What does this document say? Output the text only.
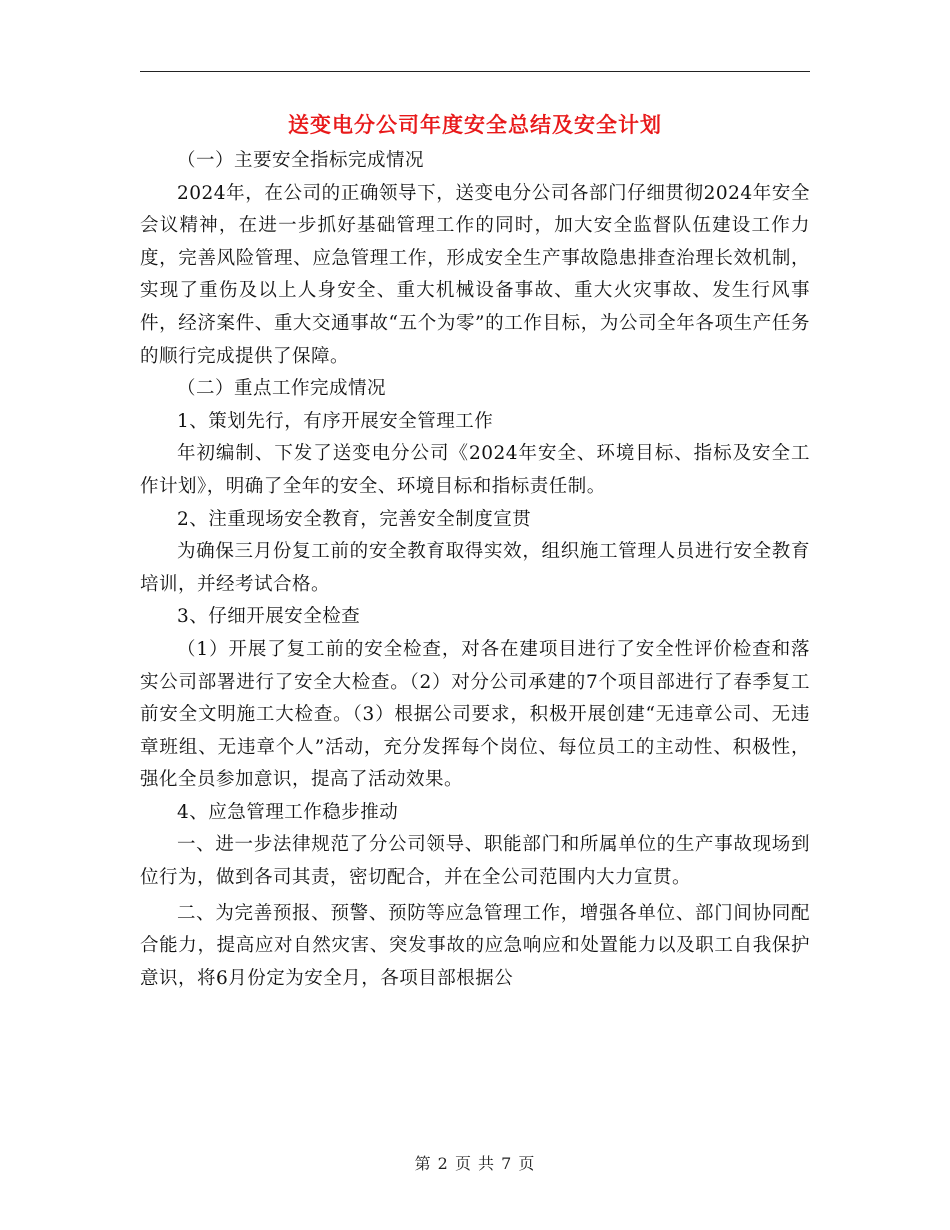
送变电分公司年度安全总结及安全计划

（一）主要安全指标完成情况

2024年，在公司的正确领导下，送变电分公司各部门仔细贯彻2024年安全会议精神，在进一步抓好基础管理工作的同时，加大安全监督队伍建设工作力度，完善风险管理、应急管理工作，形成安全生产事故隐患排查治理长效机制，实现了重伤及以上人身安全、重大机械设备事故、重大火灾事故、发生行风事件，经济案件、重大交通事故“五个为零”的工作目标，为公司全年各项生产任务的顺行完成提供了保障。

（二）重点工作完成情况

1、策划先行，有序开展安全管理工作

年初编制、下发了送变电分公司《2024年安全、环境目标、指标及安全工作计划》，明确了全年的安全、环境目标和指标责任制。

2、注重现场安全教育，完善安全制度宣贯

为确保三月份复工前的安全教育取得实效，组织施工管理人员进行安全教育培训，并经考试合格。

3、仔细开展安全检查

（1）开展了复工前的安全检查，对各在建项目进行了安全性评价检查和落实公司部署进行了安全大检查。（2）对分公司承建的7个项目部进行了春季复工前安全文明施工大检查。（3）根据公司要求，积极开展创建“无违章公司、无违章班组、无违章个人”活动，充分发挥每个岗位、每位员工的主动性、积极性，强化全员参加意识，提高了活动效果。

4、应急管理工作稳步推动

一、进一步法律规范了分公司领导、职能部门和所属单位的生产事故现场到位行为，做到各司其责，密切配合，并在全公司范围内大力宣贯。

二、为完善预报、预警、预防等应急管理工作，增强各单位、部门间协同配合能力，提高应对自然灾害、突发事故的应急响应和处置能力以及职工自我保护意识，将6月份定为安全月，各项目部根据公

第 2 页 共 7 页
